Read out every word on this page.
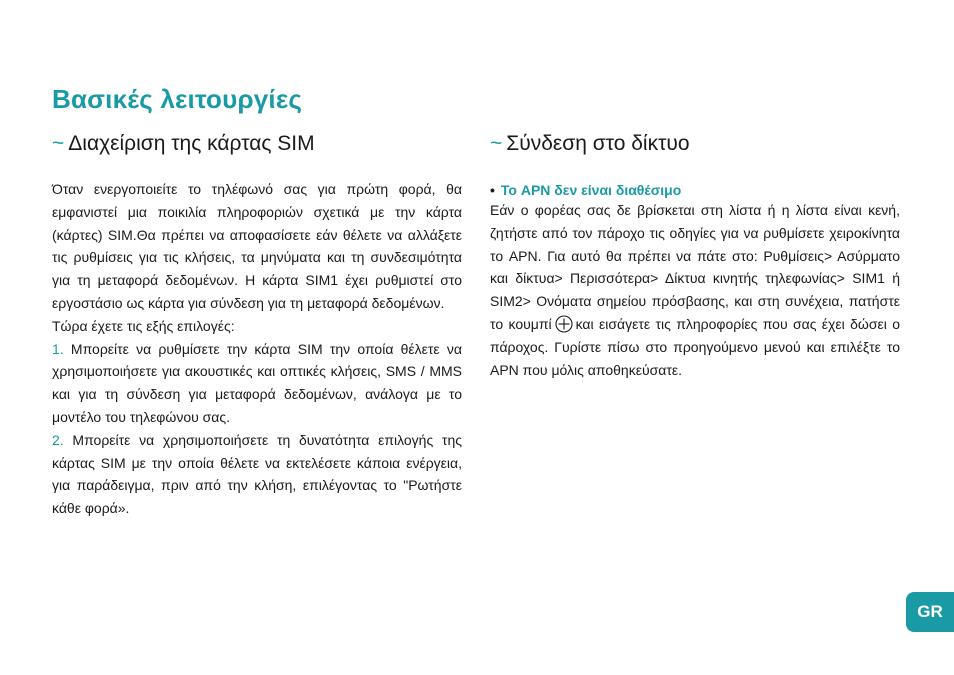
Βασικές λειτουργίες
~ Διαχείριση της κάρτας SIM

Όταν ενεργοποιείτε το τηλέφωνό σας για πρώτη φορά, θα εμφανιστεί μια ποικιλία πληροφοριών σχετικά με την κάρτα (κάρτες) SIM.Θα πρέπει να αποφασίσετε εάν θέλετε να αλλάξετε τις ρυθμίσεις για τις κλήσεις, τα μηνύματα και τη συνδεσιμότητα για τη μεταφορά δεδομένων. Η κάρτα SIM1 έχει ρυθμιστεί στο εργοστάσιο ως κάρτα για σύνδεση για τη μεταφορά δεδομένων.

Τώρα έχετε τις εξής επιλογές:

1. Μπορείτε να ρυθμίσετε την κάρτα SIM την οποία θέλετε να χρησιμοποιήσετε για ακουστικές και οπτικές κλήσεις, SMS / MMS και για τη σύνδεση για μεταφορά δεδομένων, ανάλογα με το μοντέλο του τηλεφώνου σας.

2. Μπορείτε να χρησιμοποιήσετε τη δυνατότητα επιλογής της κάρτας SIM με την οποία θέλετε να εκτελέσετε κάποια ενέργεια, για παράδειγμα, πριν από την κλήση, επιλέγοντας το "Ρωτήστε κάθε φορά».

~ Σύνδεση στο δίκτυο
• Το APN δεν είναι διαθέσιμο

Εάν ο φορέας σας δε βρίσκεται στη λίστα ή η λίστα είναι κενή, ζητήστε από τον πάροχο τις οδηγίες για να ρυθμίσετε χειροκίνητα το APN. Για αυτό θα πρέπει να πάτε στο: Ρυθμίσεις> Ασύρματο και δίκτυα> Περισσότερα> Δίκτυα κινητής τηλεφωνίας> SIM1 ή SIM2> Ονόματα σημείου πρόσβασης, και στη συνέχεια, πατήστε το κουμπί και εισάγετε τις πληροφορίες που σας έχει δώσει ο πάροχος. Γυρίστε πίσω στο προηγούμενο μενού και επιλέξτε το APN που μόλις αποθηκεύσατε.

GR
